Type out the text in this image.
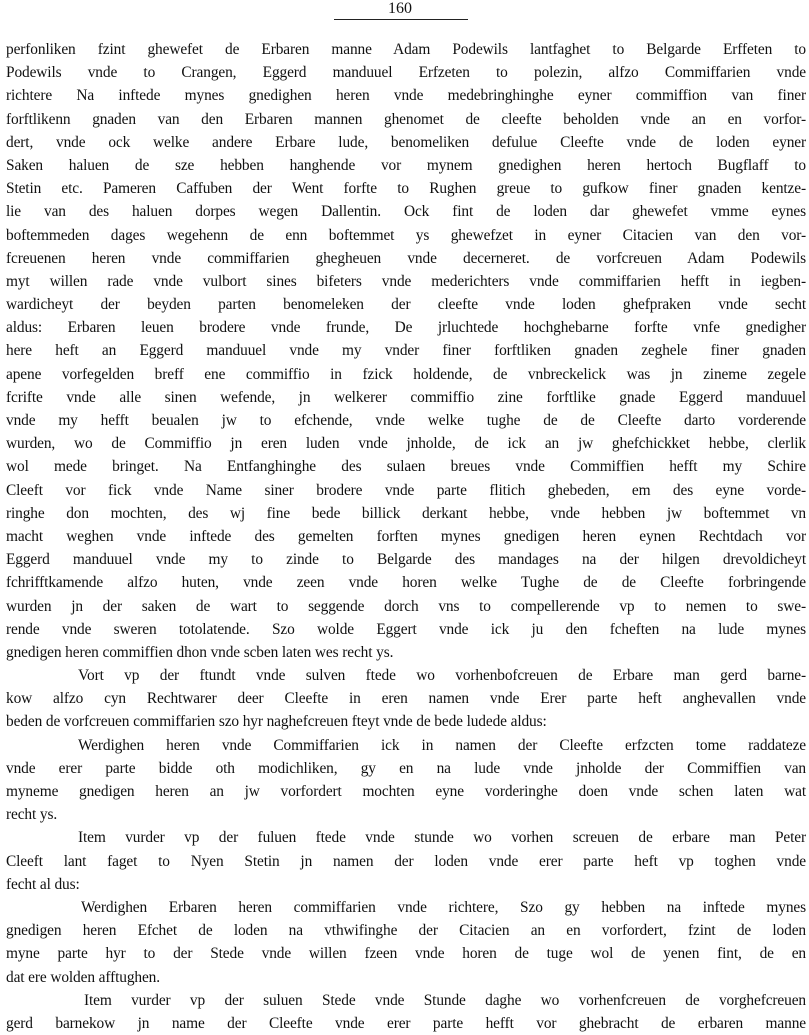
160
perfonliken fzint ghewefet de Erbaren manne Adam Podewils lantfaghet to Belgarde Erffeten to
Podewils vnde to Crangen, Eggerd manduuel Erfzeten to polezin, alfzo Commiffarien vnde
richtere Na inftede mynes gnedighen heren vnde medebringhinghe eyner commiffion van finer
forftlikenn gnaden van den Erbaren mannen ghenomet de cleefte beholden vnde an en vorfor-
dert, vnde ock welke andere Erbare lude, benomeliken defulue Cleefte vnde de loden eyner
Saken haluen de sze hebben hanghende vor mynem gnedighen heren hertoch Bugflaff to
Stetin etc. Pameren Caffuben der Went forfte to Rughen greue to gufkow finer gnaden kentze-
lie van des haluen dorpes wegen Dallentin. Ock fint de loden dar ghewefet vmme eynes
boftemmeden dages wegehenn de enn boftemmet ys ghewefzet in eyner Citacien van den vor-
fcreuenen heren vnde commiffarien ghegheuen vnde decerneret. de vorfcreuen Adam Podewils
myt willen rade vnde vulbort sines bifeters vnde mederichters vnde commiffarien hefft in iegben-
wardicheyt der beyden parten benomeleken der cleefte vnde loden ghefpraken vnde secht
aldus: Erbaren leuen brodere vnde frunde, De jrluchtede hochghebarne forfte vnfe gnedigher
here heft an Eggerd manduuel vnde my vnder finer forftliken gnaden zeghele finer gnaden
apene vorfegelden breff ene commiffio in fzick holdende, de vnbreckelick was jn zineme zegele
fcrifte vnde alle sinen wefende, jn welkerer commiffio zine forftlike gnade Eggerd manduuel
vnde my hefft beualen jw to efchende, vnde welke tughe de de Cleefte darto vorderende
wurden, wo de Commiffio jn eren luden vnde jnholde, de ick an jw ghefchickket hebbe, clerlik
wol mede bringet. Na Entfanghinghe des sulaen breues vnde Commiffien hefft my Schire
Cleeft vor fick vnde Name siner brodere vnde parte flitich ghebeden, em des eyne vorde-
ringhe don mochten, des wj fine bede billick derkant hebbe, vnde hebben jw boftemmet vn
macht weghen vnde inftede des gemelten forften mynes gnedigen heren eynen Rechtdach vor
Eggerd manduuel vnde my to zinde to Belgarde des mandages na der hilgen drevoldicheyt
fchrifftkamende alfzo huten, vnde zeen vnde horen welke Tughe de de Cleefte forbringende
wurden jn der saken de wart to seggende dorch vns to compellerende vp to nemen to swe-
rende vnde sweren totolatende. Szo wolde Eggert vnde ick ju den fcheften na lude mynes
gnedigen heren commiffien dhon vnde scben laten wes recht ys.
Vort vp der ftundt vnde sulven ftede wo vorhenbofcreuen de Erbare man gerd barne-
kow alfzo cyn Rechtwarer deer Cleefte in eren namen vnde Erer parte heft anghevallen vnde
beden de vorfcreuen commiffarien szo hyr naghefcreuen fteyt vnde de bede ludede aldus:
Werdighen heren vnde Commiffarien ick in namen der Cleefte erfzcten tome raddateze
vnde erer parte bidde oth modichliken, gy en na lude vnde jnholde der Commiffien van
myneme gnedigen heren an jw vorfordert mochten eyne vorderinghe doen vnde schen laten wat
recht ys.
Item vurder vp der fuluen ftede vnde stunde wo vorhen screuen de erbare man Peter
Cleeft lant faget to Nyen Stetin jn namen der loden vnde erer parte heft vp toghen vnde
fecht al dus:
Werdighen Erbaren heren commiffarien vnde richtere, Szo gy hebben na inftede mynes
gnedigen heren Efchet de loden na vthwifinghe der Citacien an en vorfordert, fzint de loden
myne parte hyr to der Stede vnde willen fzeen vnde horen de tuge wol de yenen fint, de en
dat ere wolden afftughen.
Item vurder vp der suluen Stede vnde Stunde daghe wo vorhenfcreuen de vorghefcreuen
gerd barnekow jn name der Cleefte vnde erer parte hefft vor ghebracht de erbaren manne
